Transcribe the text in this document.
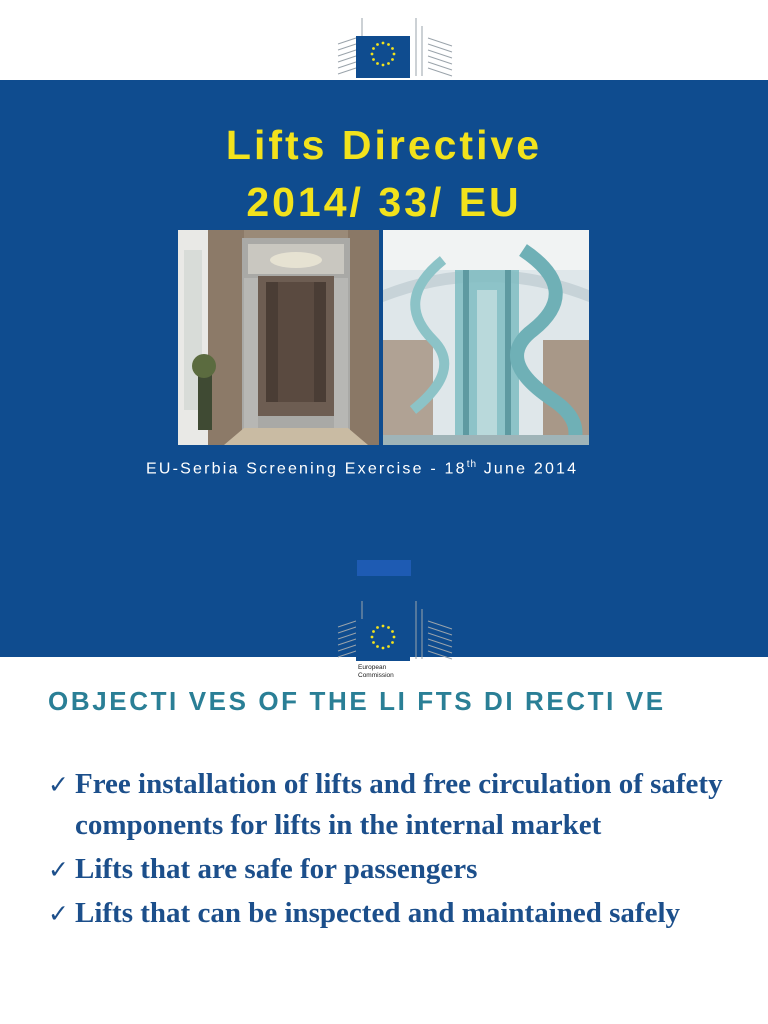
Lifts Directive
2014/ 33/ EU
EU-Serbia Screening Exercise - 18th June 2014
European
Commission
OBJECTI VES OF THE LI FTS DI RECTI VE
✓ Free installation of lifts and free circulation of safety components for lifts in the internal market
✓ Lifts that are safe for passengers
✓ Lifts that can be inspected and maintained safely
